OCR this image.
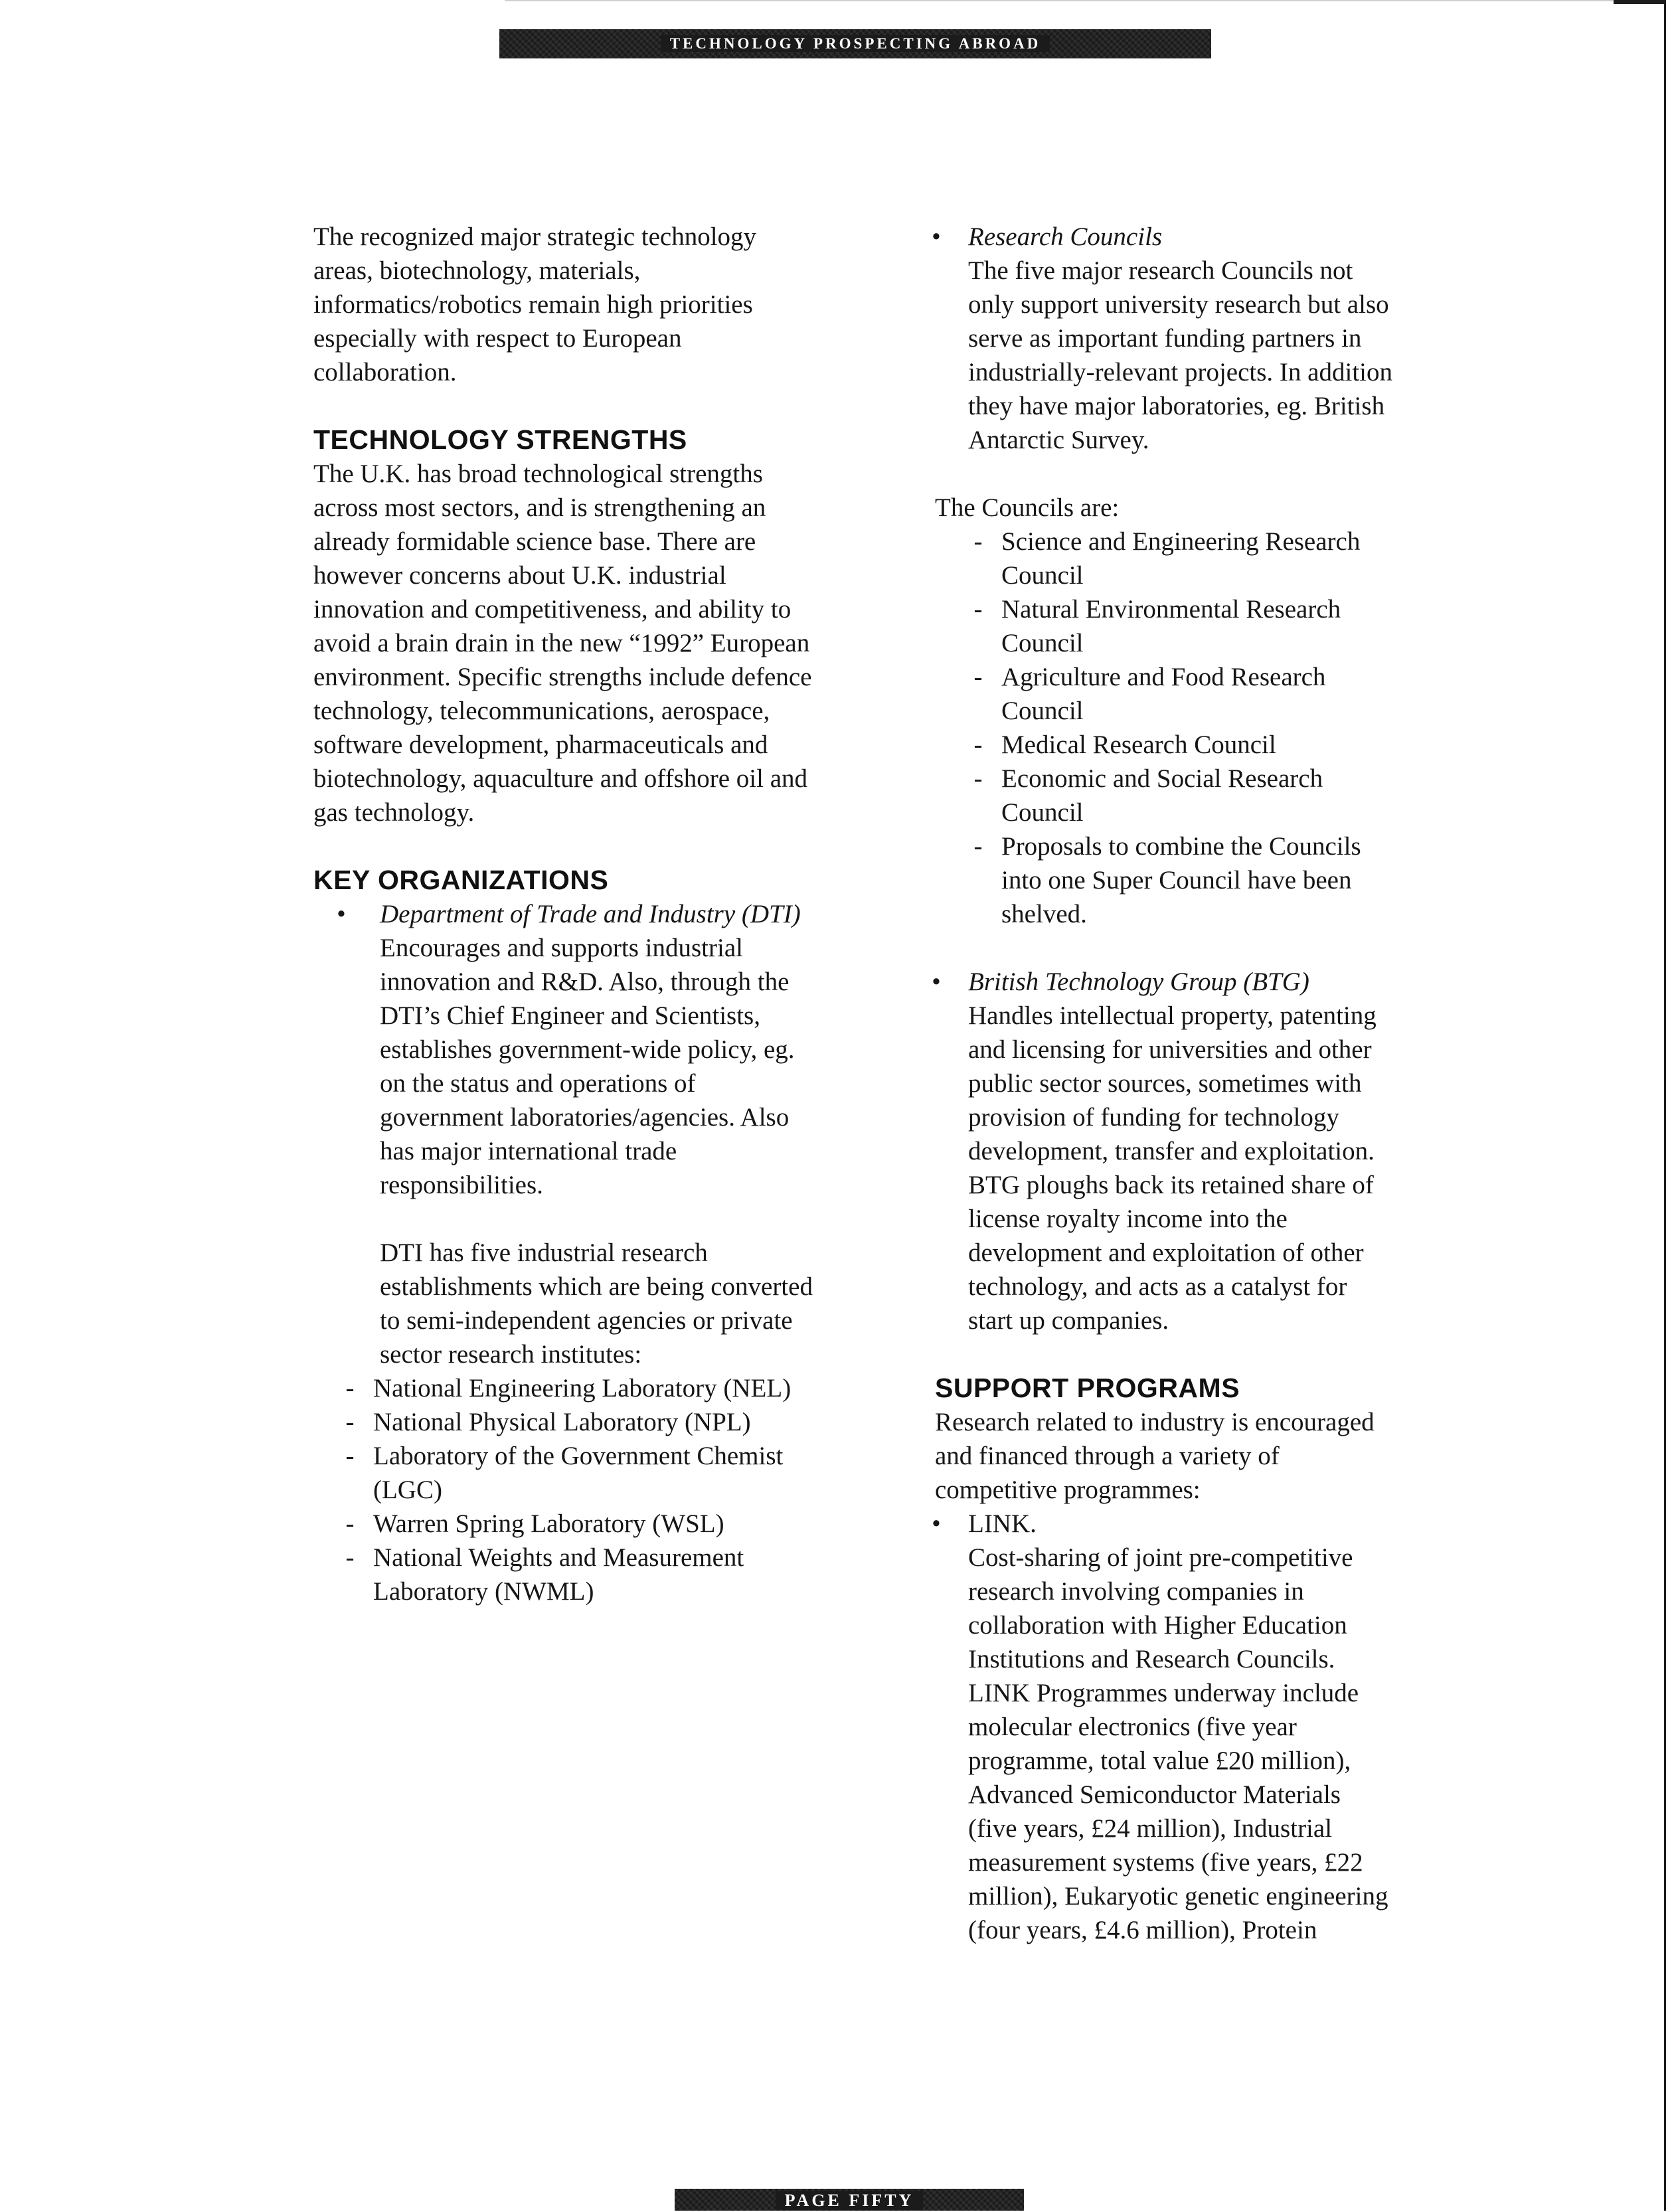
TECHNOLOGY PROSPECTING ABROAD

The recognized major strategic technology areas, biotechnology, materials, informatics/robotics remain high priorities especially with respect to European collaboration.

TECHNOLOGY STRENGTHS

The U.K. has broad technological strengths across most sectors, and is strengthening an already formidable science base. There are however concerns about U.K. industrial innovation and competitiveness, and ability to avoid a brain drain in the new “1992” European environment. Specific strengths include defence technology, telecommunications, aerospace, software development, pharmaceuticals and biotechnology, aquaculture and offshore oil and gas technology.

KEY ORGANIZATIONS
•	Department of Trade and Industry (DTI)

Encourages and supports industrial innovation and R&D. Also, through the DTI’s Chief Engineer and Scientists, establishes government-wide policy, eg. on the status and operations of government laboratories/agencies. Also has major international trade responsibilities.

DTI has five industrial research establishments which are being converted to semi-independent agencies or private sector research institutes:

- National Engineering Laboratory (NEL)
- National Physical Laboratory (NPL)
- Laboratory of the Government Chemist (LGC)
- Warren Spring Laboratory (WSL)
- National Weights and Measurement Laboratory (NWML)
•	Research Councils

The five major research Councils not only support university research but also serve as important funding partners in industrially-relevant projects. In addition they have major laboratories, eg. British Antarctic Survey.

The Councils are:

- Science and Engineering Research Council
- Natural Environmental Research Council
- Agriculture and Food Research Council
- Medical Research Council
- Economic and Social Research Council
- Proposals to combine the Councils into one Super Council have been shelved.
•	British Technology Group (BTG)

Handles intellectual property, patenting and licensing for universities and other public sector sources, sometimes with provision of funding for technology development, transfer and exploitation. BTG ploughs back its retained share of license royalty income into the development and exploitation of other technology, and acts as a catalyst for start up companies.

SUPPORT PROGRAMS

Research related to industry is encouraged and financed through a variety of competitive programmes:

•	LINK.

Cost-sharing of joint pre-competitive research involving companies in collaboration with Higher Education Institutions and Research Councils. LINK Programmes underway include molecular electronics (five year programme, total value £20 million), Advanced Semiconductor Materials (five years, £24 million), Industrial measurement systems (five years, £22 million), Eukaryotic genetic engineering (four years, £4.6 million), Protein

PAGE FIFTY
